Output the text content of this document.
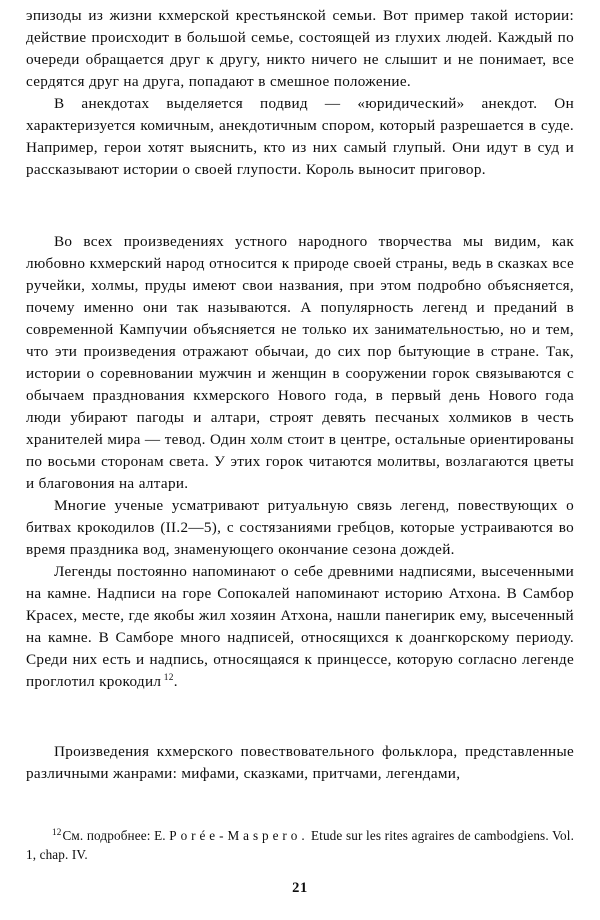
эпизоды из жизни кхмерской крестьянской семьи. Вот пример такой истории: действие происходит в большой семье, состоящей из глухих людей. Каждый по очереди обращается друг к другу, никто ничего не слышит и не понимает, все сердятся друг на друга, попадают в смешное положение.

В анекдотах выделяется подвид — «юридический» анекдот. Он характеризуется комичным, анекдотичным спором, который разрешается в суде. Например, герои хотят выяснить, кто из них самый глупый. Они идут в суд и рассказывают истории о своей глупости. Король выносит приговор.

Во всех произведениях устного народного творчества мы видим, как любовно кхмерский народ относится к природе своей страны, ведь в сказках все ручейки, холмы, пруды имеют свои названия, при этом подробно объясняется, почему именно они так называются. А популярность легенд и преданий в современной Кампучии объясняется не только их занимательностью, но и тем, что эти произведения отражают обычаи, до сих пор бытующие в стране. Так, истории о соревновании мужчин и женщин в сооружении горок связываются с обычаем празднования кхмерского Нового года, в первый день Нового года люди убирают пагоды и алтари, строят девять песчаных холмиков в честь хранителей мира — тевод. Один холм стоит в центре, остальные ориентированы по восьми сторонам света. У этих горок читаются молитвы, возлагаются цветы и благовония на алтари.

Многие ученые усматривают ритуальную связь легенд, повествующих о битвах крокодилов (II.2—5), с состязаниями гребцов, которые устраиваются во время праздника вод, знаменующего окончание сезона дождей.

Легенды постоянно напоминают о себе древними надписями, высеченными на камне. Надписи на горе Сопокалей напоминают историю Атхона. В Самбор Красех, месте, где якобы жил хозяин Атхона, нашли панегирик ему, высеченный на камне. В Самборе много надписей, относящихся к доангкорскому периоду. Среди них есть и надпись, относящаяся к принцессе, которую согласно легенде проглотил крокодил $^{12}$.

Произведения кхмерского повествовательного фольклора, представленные различными жанрами: мифами, сказками, притчами, легендами,

$^{12}$См. подробнее: E. Porée-Maspero. Etude sur les rites agraires de cambodgiens. Vol. 1, chap. IV.

21
